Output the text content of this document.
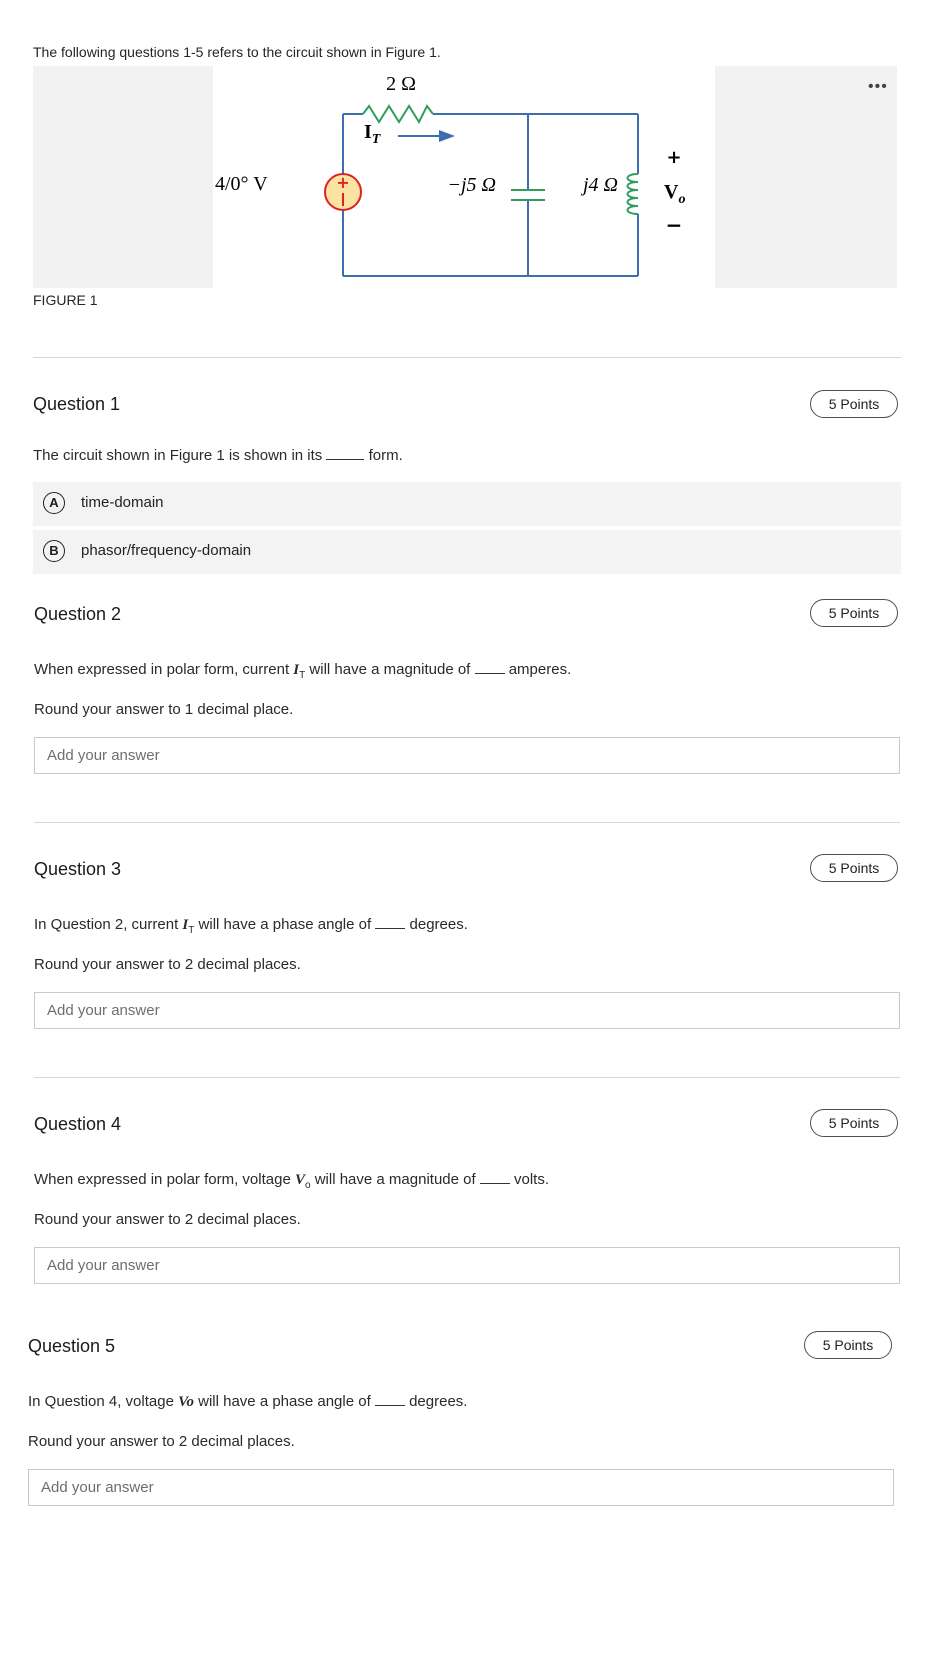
The following questions 1-5 refers to the circuit shown in Figure 1.
•••
+
2 Ω
$I_T$
4/0° V	−j5 Ω	j4 Ω
+
$V_o$
−
FIGURE 1
Question 1	5 Points
The circuit shown in Figure 1 is shown in its	form.
A	time-domain
B	phasor/frequency-domain
Question 2	5 Points
When expressed in polar form, current $I_T$ will have a magnitude of	amperes.
Round your answer to 1 decimal place.
Add your answer
Question 3	5 Points
In Question 2, current $I_T$ will have a phase angle of	degrees.
Round your answer to 2 decimal places.
Add your answer
Question 4	5 Points
When expressed in polar form, voltage $V_o$ will have a magnitude of	volts.
Round your answer to 2 decimal places.
Add your answer
Question 5	5 Points
In Question 4, voltage Vo will have a phase angle of	degrees.
Round your answer to 2 decimal places.
Add your answer
